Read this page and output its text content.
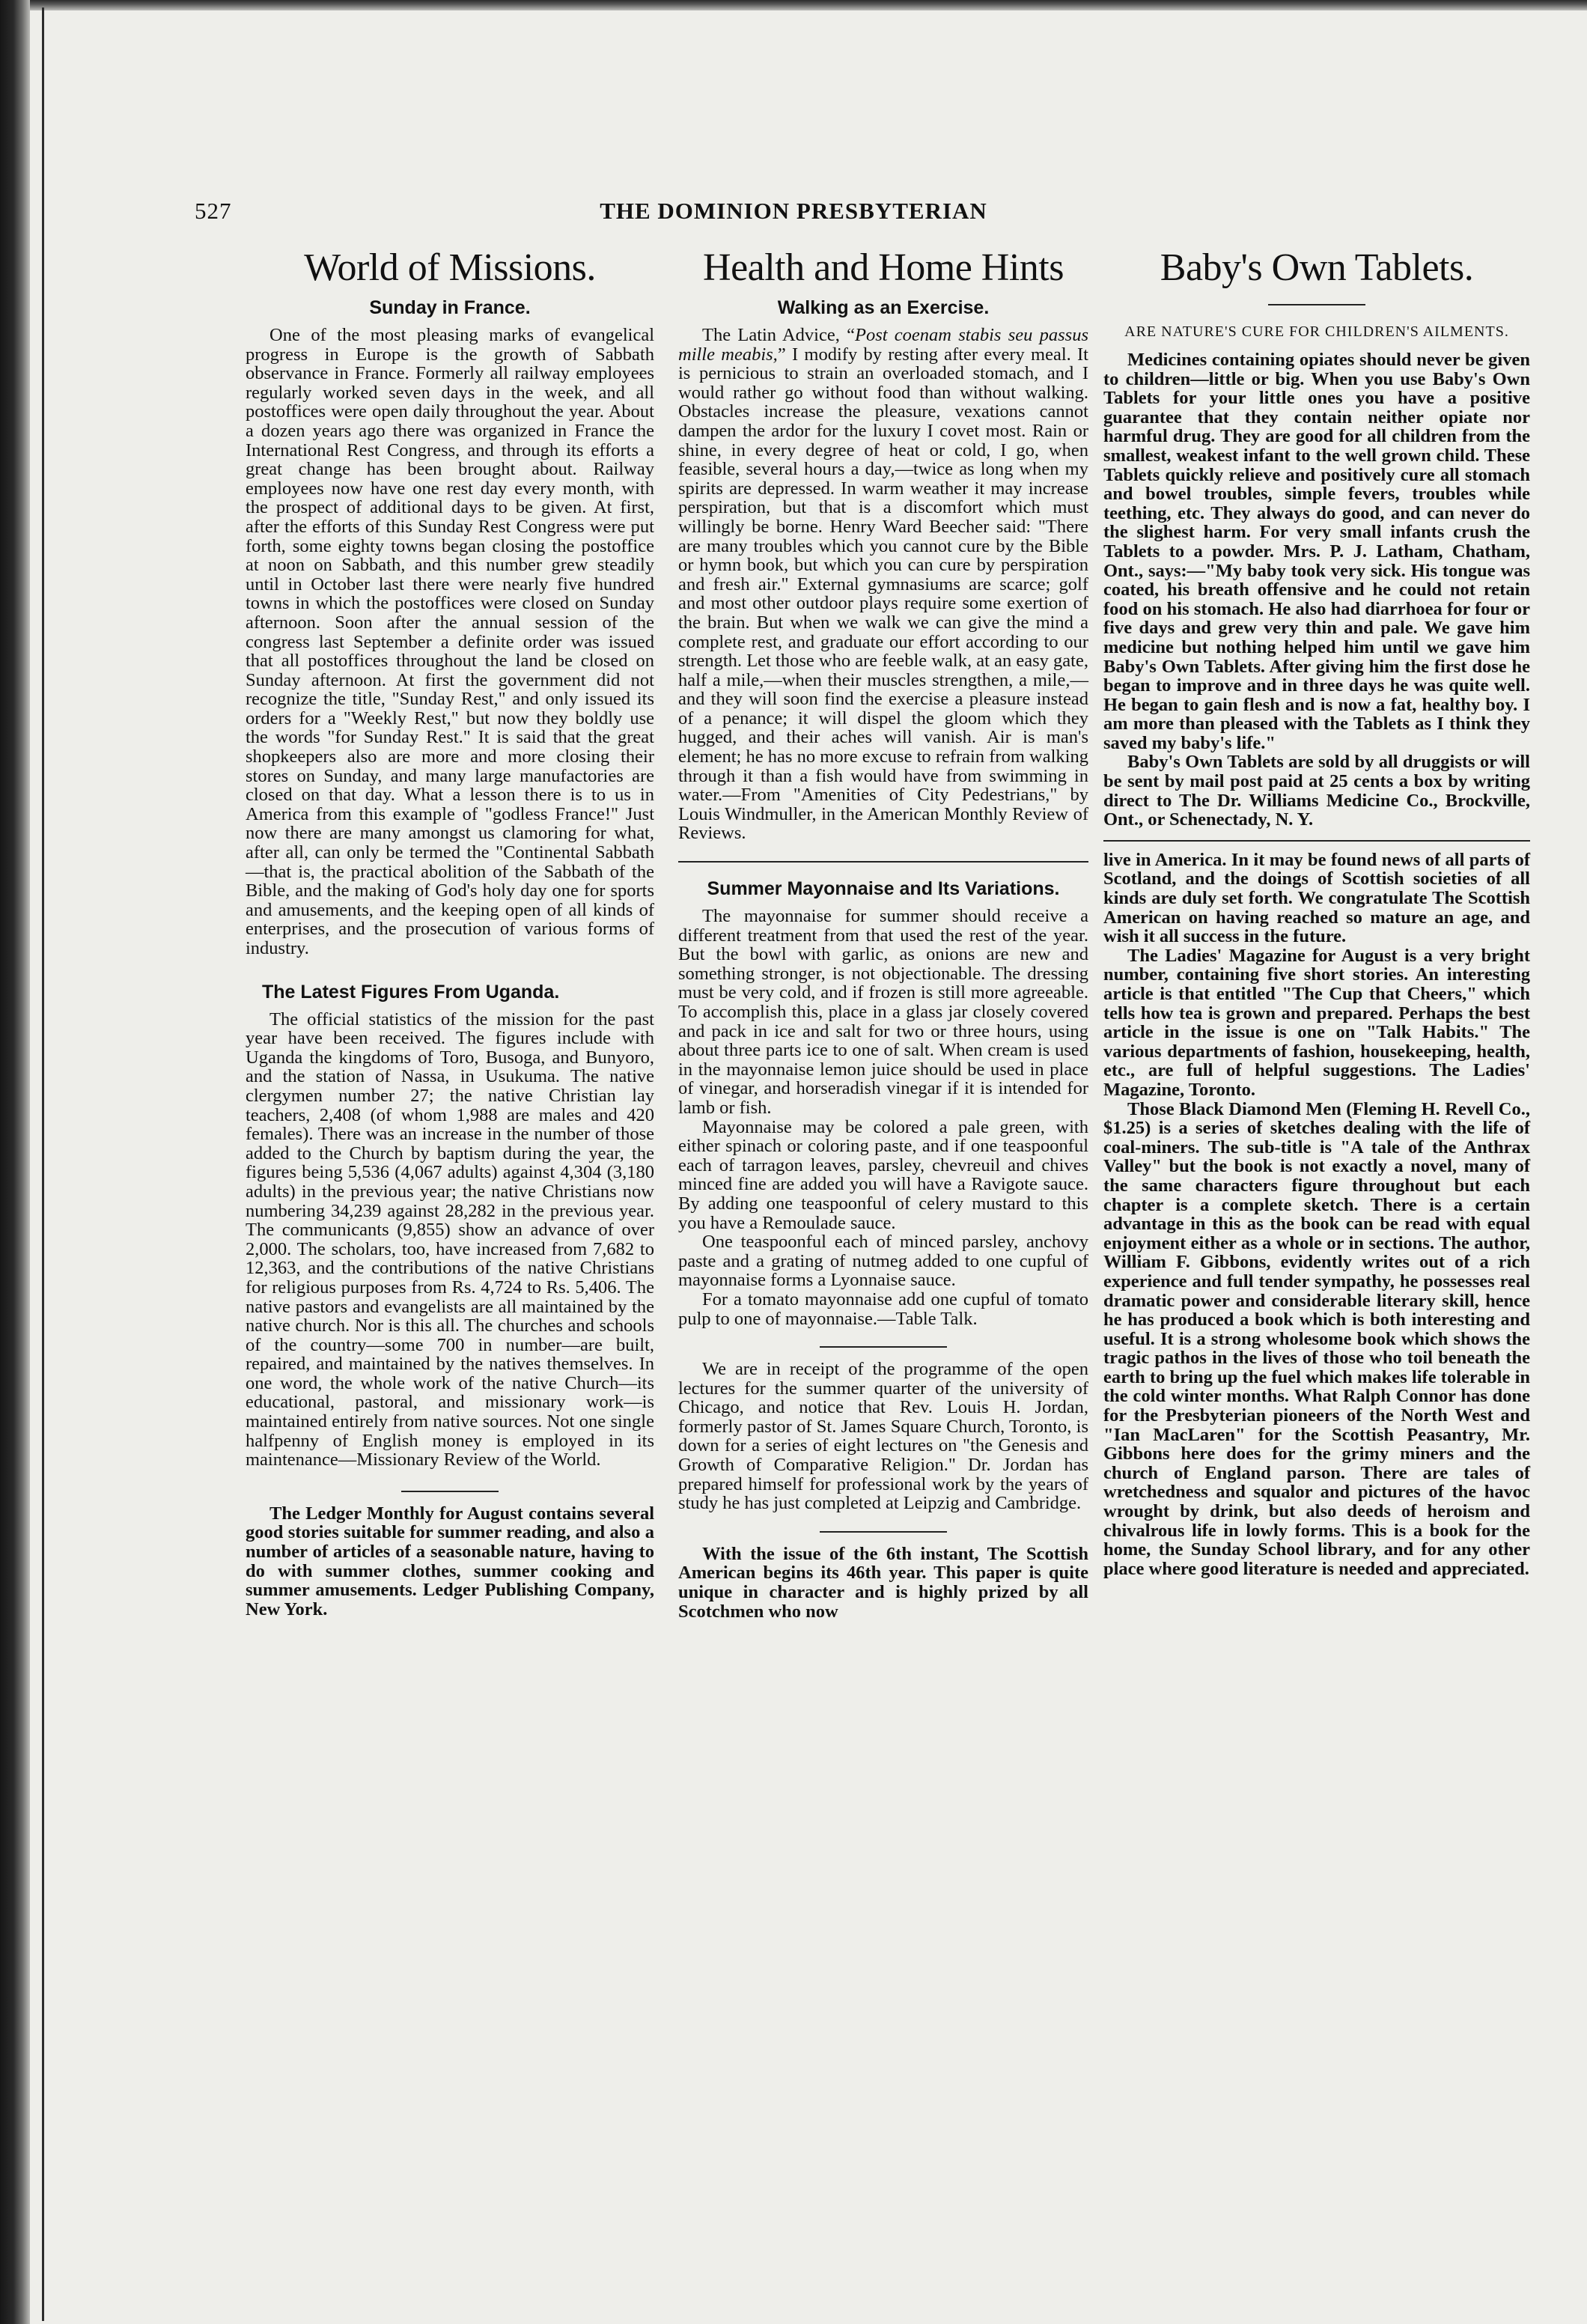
527	THE DOMINION PRESBYTERIAN
World of Missions.
Sunday in France.

One of the most pleasing marks of evangelical progress in Europe is the growth of Sabbath observance in France. Formerly all railway employees regularly worked seven days in the week, and all postoffices were open daily throughout the year. About a dozen years ago there was organized in France the International Rest Congress, and through its efforts a great change has been brought about. Railway employees now have one rest day every month, with the prospect of additional days to be given. At first, after the efforts of this Sunday Rest Congress were put forth, some eighty towns began closing the postoffice at noon on Sabbath, and this number grew steadily until in October last there were nearly five hundred towns in which the postoffices were closed on Sunday afternoon. Soon after the annual session of the congress last September a definite order was issued that all postoffices throughout the land be closed on Sunday afternoon. At first the government did not recognize the title, "Sunday Rest," and only issued its orders for a "Weekly Rest," but now they boldly use the words "for Sunday Rest." It is said that the great shopkeepers also are more and more closing their stores on Sunday, and many large manufactories are closed on that day. What a lesson there is to us in America from this example of "godless France!" Just now there are many amongst us clamoring for what, after all, can only be termed the "Continental Sabbath—that is, the practical abolition of the Sabbath of the Bible, and the making of God's holy day one for sports and amusements, and the keeping open of all kinds of enterprises, and the prosecution of various forms of industry.

The Latest Figures From Uganda.

The official statistics of the mission for the past year have been received. The figures include with Uganda the kingdoms of Toro, Busoga, and Bunyoro, and the station of Nassa, in Usukuma. The native clergymen number 27; the native Christian lay teachers, 2,408 (of whom 1,988 are males and 420 females). There was an increase in the number of those added to the Church by baptism during the year, the figures being 5,536 (4,067 adults) against 4,304 (3,180 adults) in the previous year; the native Christians now numbering 34,239 against 28,282 in the previous year. The communicants (9,855) show an advance of over 2,000. The scholars, too, have increased from 7,682 to 12,363, and the contributions of the native Christians for religious purposes from Rs. 4,724 to Rs. 5,406. The native pastors and evangelists are all maintained by the native church. Nor is this all. The churches and schools of the country—some 700 in number—are built, repaired, and maintained by the natives themselves. In one word, the whole work of the native Church—its educational, pastoral, and missionary work—is maintained entirely from native sources. Not one single halfpenny of English money is employed in its maintenance—Missionary Review of the World.

The Ledger Monthly for August contains several good stories suitable for summer reading, and also a number of articles of a seasonable nature, having to do with summer clothes, summer cooking and summer amusements. Ledger Publishing Company, New York.

Health and Home Hints
Walking as an Exercise.

The Latin Advice, “Post coenam stabis seu passus mille meabis,” I modify by resting after every meal. It is pernicious to strain an overloaded stomach, and I would rather go without food than without walking. Obstacles increase the pleasure, vexations cannot dampen the ardor for the luxury I covet most. Rain or shine, in every degree of heat or cold, I go, when feasible, several hours a day,—twice as long when my spirits are depressed. In warm weather it may increase perspiration, but that is a discomfort which must willingly be borne. Henry Ward Beecher said: "There are many troubles which you cannot cure by the Bible or hymn book, but which you can cure by perspiration and fresh air." External gymnasiums are scarce; golf and most other outdoor plays require some exertion of the brain. But when we walk we can give the mind a complete rest, and graduate our effort according to our strength. Let those who are feeble walk, at an easy gate, half a mile,—when their muscles strengthen, a mile,—and they will soon find the exercise a pleasure instead of a penance; it will dispel the gloom which they hugged, and their aches will vanish. Air is man's element; he has no more excuse to refrain from walking through it than a fish would have from swimming in water.—From "Amenities of City Pedestrians," by Louis Windmuller, in the American Monthly Review of Reviews.

Summer Mayonnaise and Its Variations.

The mayonnaise for summer should receive a different treatment from that used the rest of the year. But the bowl with garlic, as onions are new and something stronger, is not objectionable. The dressing must be very cold, and if frozen is still more agreeable. To accomplish this, place in a glass jar closely covered and pack in ice and salt for two or three hours, using about three parts ice to one of salt. When cream is used in the mayonnaise lemon juice should be used in place of vinegar, and horseradish vinegar if it is intended for lamb or fish.

Mayonnaise may be colored a pale green, with either spinach or coloring paste, and if one teaspoonful each of tarragon leaves, parsley, chevreuil and chives minced fine are added you will have a Ravigote sauce. By adding one teaspoonful of celery mustard to this you have a Remoulade sauce.

One teaspoonful each of minced parsley, anchovy paste and a grating of nutmeg added to one cupful of mayonnaise forms a Lyonnaise sauce.

For a tomato mayonnaise add one cupful of tomato pulp to one of mayonnaise.—Table Talk.

We are in receipt of the programme of the open lectures for the summer quarter of the university of Chicago, and notice that Rev. Louis H. Jordan, formerly pastor of St. James Square Church, Toronto, is down for a series of eight lectures on "the Genesis and Growth of Comparative Religion." Dr. Jordan has prepared himself for professional work by the years of study he has just completed at Leipzig and Cambridge.

With the issue of the 6th instant, The Scottish American begins its 46th year. This paper is quite unique in character and is highly prized by all Scotchmen who now

Baby's Own Tablets.
ARE NATURE'S CURE FOR CHILDREN'S AILMENTS.

Medicines containing opiates should never be given to children—little or big. When you use Baby's Own Tablets for your little ones you have a positive guarantee that they contain neither opiate nor harmful drug. They are good for all children from the smallest, weakest infant to the well grown child. These Tablets quickly relieve and positively cure all stomach and bowel troubles, simple fevers, troubles while teething, etc. They always do good, and can never do the slighest harm. For very small infants crush the Tablets to a powder. Mrs. P. J. Latham, Chatham, Ont., says:—"My baby took very sick. His tongue was coated, his breath offensive and he could not retain food on his stomach. He also had diarrhoea for four or five days and grew very thin and pale. We gave him medicine but nothing helped him until we gave him Baby's Own Tablets. After giving him the first dose he began to improve and in three days he was quite well. He began to gain flesh and is now a fat, healthy boy. I am more than pleased with the Tablets as I think they saved my baby's life."

Baby's Own Tablets are sold by all druggists or will be sent by mail post paid at 25 cents a box by writing direct to The Dr. Williams Medicine Co., Brockville, Ont., or Schenectady, N. Y.

live in America. In it may be found news of all parts of Scotland, and the doings of Scottish societies of all kinds are duly set forth. We congratulate The Scottish American on having reached so mature an age, and wish it all success in the future.

The Ladies' Magazine for August is a very bright number, containing five short stories. An interesting article is that entitled "The Cup that Cheers," which tells how tea is grown and prepared. Perhaps the best article in the issue is one on "Talk Habits." The various departments of fashion, housekeeping, health, etc., are full of helpful suggestions. The Ladies' Magazine, Toronto.

Those Black Diamond Men (Fleming H. Revell Co., $1.25) is a series of sketches dealing with the life of coal-miners. The sub-title is "A tale of the Anthrax Valley" but the book is not exactly a novel, many of the same characters figure throughout but each chapter is a complete sketch. There is a certain advantage in this as the book can be read with equal enjoyment either as a whole or in sections. The author, William F. Gibbons, evidently writes out of a rich experience and full tender sympathy, he possesses real dramatic power and considerable literary skill, hence he has produced a book which is both interesting and useful. It is a strong wholesome book which shows the tragic pathos in the lives of those who toil beneath the earth to bring up the fuel which makes life tolerable in the cold winter months. What Ralph Connor has done for the Presbyterian pioneers of the North West and "Ian MacLaren" for the Scottish Peasantry, Mr. Gibbons here does for the grimy miners and the church of England parson. There are tales of wretchedness and squalor and pictures of the havoc wrought by drink, but also deeds of heroism and chivalrous life in lowly forms. This is a book for the home, the Sunday School library, and for any other place where good literature is needed and appreciated.
